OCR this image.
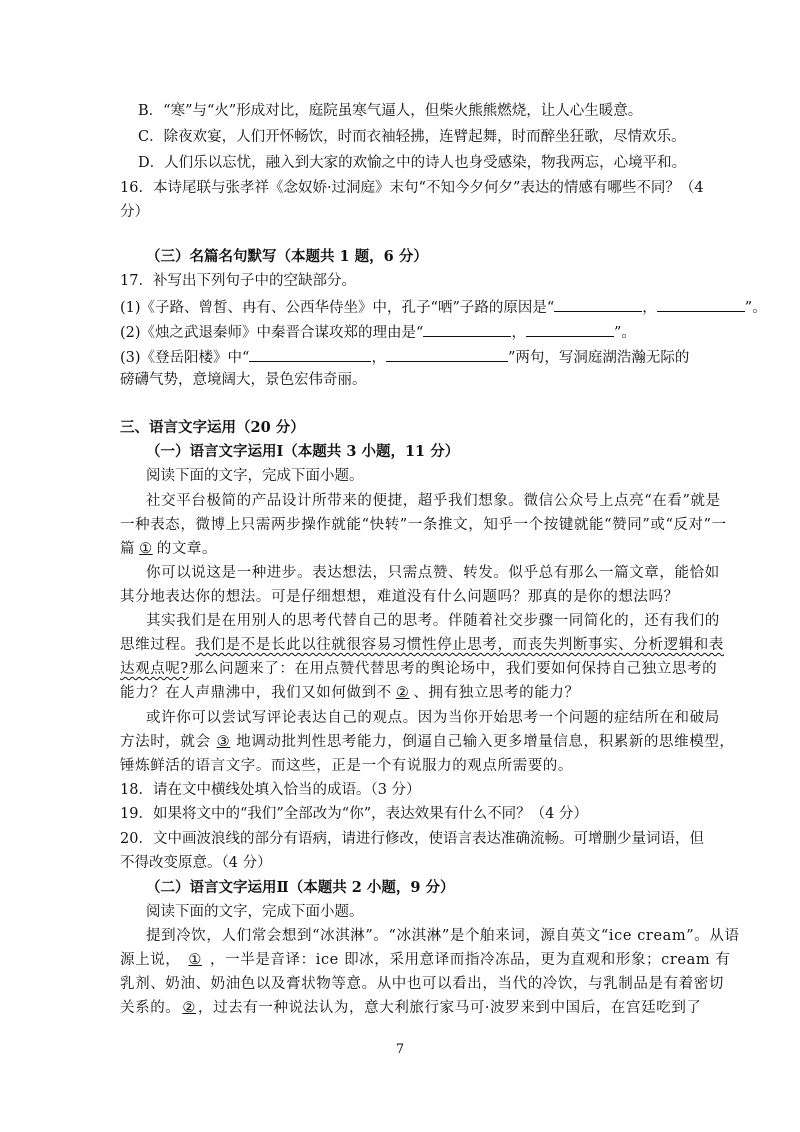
B．“寒”与“火”形成对比，庭院虽寒气逼人，但柴火熊熊燃烧，让人心生暖意。
C．除夜欢宴，人们开怀畅饮，时而衣袖轻拂，连臂起舞，时而醉坐狂歌，尽情欢乐。
D．人们乐以忘忧，融入到大家的欢愉之中的诗人也身受感染，物我两忘，心境平和。
16．本诗尾联与张孝祥《念奴娇·过洞庭》末句“不知今夕何夕”表达的情感有哪些不同？（4
分）
（三）名篇名句默写（本题共 1 题，6 分）
17．补写出下列句子中的空缺部分。
(1)《子路、曾皙、冉有、公西华侍坐》中，孔子“哂”子路的原因是“	，	”。
(2)《烛之武退秦师》中秦晋合谋攻郑的理由是“	，	”。
(3)《登岳阳楼》中“	，	”两句，写洞庭湖浩瀚无际的
磅礴气势，意境阔大，景色宏伟奇丽。
三、语言文字运用（20 分）
（一）语言文字运用Ⅰ（本题共 3 小题，11 分）
阅读下面的文字，完成下面小题。
社交平台极简的产品设计所带来的便捷，超乎我们想象。微信公众号上点亮“在看”就是
一种表态，微博上只需两步操作就能“快转”一条推文，知乎一个按键就能“赞同”或“反对”一
篇 ① 的文章。
你可以说这是一种进步。表达想法，只需点赞、转发。似乎总有那么一篇文章，能恰如
其分地表达你的想法。可是仔细想想，难道没有什么问题吗？那真的是你的想法吗？
其实我们是在用别人的思考代替自己的思考。伴随着社交步骤一同简化的，还有我们的
思维过程。我们是不是长此以往就很容易习惯性停止思考，而丧失判断事实、分析逻辑和表
达观点呢?那么问题来了：在用点赞代替思考的舆论场中，我们要如何保持自己独立思考的
能力？在人声鼎沸中，我们又如何做到不 ② 、拥有独立思考的能力？
或许你可以尝试写评论表达自己的观点。因为当你开始思考一个问题的症结所在和破局
方法时，就会 ③ 地调动批判性思考能力，倒逼自己输入更多增量信息，积累新的思维模型，
锤炼鲜活的语言文字。而这些，正是一个有说服力的观点所需要的。
18．请在文中横线处填入恰当的成语。（3 分）
19．如果将文中的“我们”全部改为“你”，表达效果有什么不同？（4 分）
20．文中画波浪线的部分有语病，请进行修改，使语言表达准确流畅。可增删少量词语，但
不得改变原意。（4 分）
（二）语言文字运用Ⅱ（本题共 2 小题，9 分）
阅读下面的文字，完成下面小题。
提到冷饮，人们常会想到“冰淇淋”。“冰淇淋”是个舶来词，源自英文“ice cream”。从语
源上说， ① ，一半是音译：ice 即冰，采用意译而指冷冻品，更为直观和形象；cream 有
乳剂、奶油、奶油色以及膏状物等意。从中也可以看出，当代的冷饮，与乳制品是有着密切
关系的。 ② ，过去有一种说法认为，意大利旅行家马可·波罗来到中国后，在宫廷吃到了
7
